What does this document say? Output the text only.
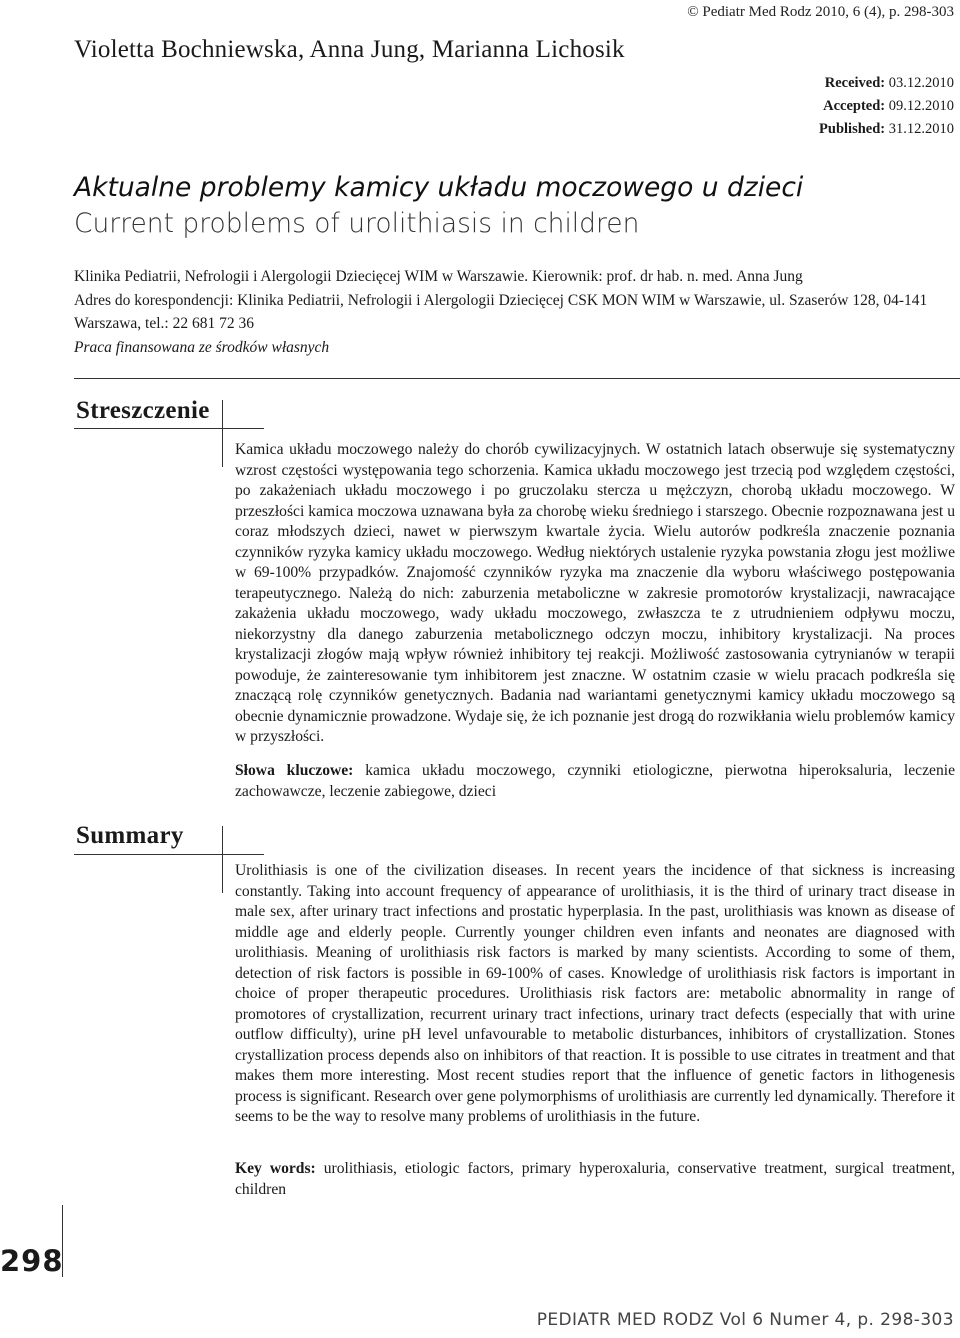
© Pediatr Med Rodz 2010, 6 (4), p. 298-303
Violetta Bochniewska, Anna Jung, Marianna Lichosik
Received: 03.12.2010
Accepted: 09.12.2010
Published: 31.12.2010
Aktualne problemy kamicy układu moczowego u dzieci
Current problems of urolithiasis in children
Klinika Pediatrii, Nefrologii i Alergologii Dziecięcej WIM w Warszawie. Kierownik: prof. dr hab. n. med. Anna Jung
Adres do korespondencji: Klinika Pediatrii, Nefrologii i Alergologii Dziecięcej CSK MON WIM w Warszawie, ul. Szaserów 128, 04-141 Warszawa, tel.: 22 681 72 36
Praca finansowana ze środków własnych
Streszczenie
Kamica układu moczowego należy do chorób cywilizacyjnych. W ostatnich latach obserwuje się systematyczny wzrost częstości występowania tego schorzenia. Kamica układu moczowego jest trzecią pod względem częstości, po zakażeniach układu moczowego i po gruczolaku stercza u mężczyzn, chorobą układu moczowego. W przeszłości kamica moczowa uznawana była za chorobę wieku średniego i starszego. Obecnie rozpoznawana jest u coraz młodszych dzieci, nawet w pierwszym kwartale życia. Wielu autorów podkreśla znaczenie poznania czynników ryzyka kamicy układu moczowego. Według niektórych ustalenie ryzyka powstania złogu jest możliwe w 69-100% przypadków. Znajomość czynników ryzyka ma znaczenie dla wyboru właściwego postępowania terapeutycznego. Należą do nich: zaburzenia metaboliczne w zakresie promotorów krystalizacji, nawracające zakażenia układu moczowego, wady układu moczowego, zwłaszcza te z utrudnieniem odpływu moczu, niekorzystny dla danego zaburzenia metabolicznego odczyn moczu, inhibitory krystalizacji. Na proces krystalizacji złogów mają wpływ również inhibitory tej reakcji. Możliwość zastosowania cytrynianów w terapii powoduje, że zainteresowanie tym inhibitorem jest znaczne. W ostatnim czasie w wielu pracach podkreśla się znaczącą rolę czynników genetycznych. Badania nad wariantami genetycznymi kamicy układu moczowego są obecnie dynamicznie prowadzone. Wydaje się, że ich poznanie jest drogą do rozwikłania wielu problemów kamicy w przyszłości.
Słowa kluczowe: kamica układu moczowego, czynniki etiologiczne, pierwotna hiperoksaluria, leczenie zachowawcze, leczenie zabiegowe, dzieci
Summary
Urolithiasis is one of the civilization diseases. In recent years the incidence of that sickness is increasing constantly. Taking into account frequency of appearance of urolithiasis, it is the third of urinary tract disease in male sex, after urinary tract infections and prostatic hyperplasia. In the past, urolithiasis was known as disease of middle age and elderly people. Currently younger children even infants and neonates are diagnosed with urolithiasis. Meaning of urolithiasis risk factors is marked by many scientists. According to some of them, detection of risk factors is possible in 69-100% of cases. Knowledge of urolithiasis risk factors is important in choice of proper therapeutic procedures. Urolithiasis risk factors are: metabolic abnormality in range of promotores of crystallization, recurrent urinary tract infections, urinary tract defects (especially that with urine outflow difficulty), urine pH level unfavourable to metabolic disturbances, inhibitors of crystallization. Stones crystallization process depends also on inhibitors of that reaction. It is possible to use citrates in treatment and that makes them more interesting. Most recent studies report that the influence of genetic factors in lithogenesis process is significant. Research over gene polymorphisms of urolithiasis are currently led dynamically. Therefore it seems to be the way to resolve many problems of urolithiasis in the future.
Key words: urolithiasis, etiologic factors, primary hyperoxaluria, conservative treatment, surgical treatment, children
298
PEDIATR MED RODZ Vol 6 Numer 4, p. 298-303
